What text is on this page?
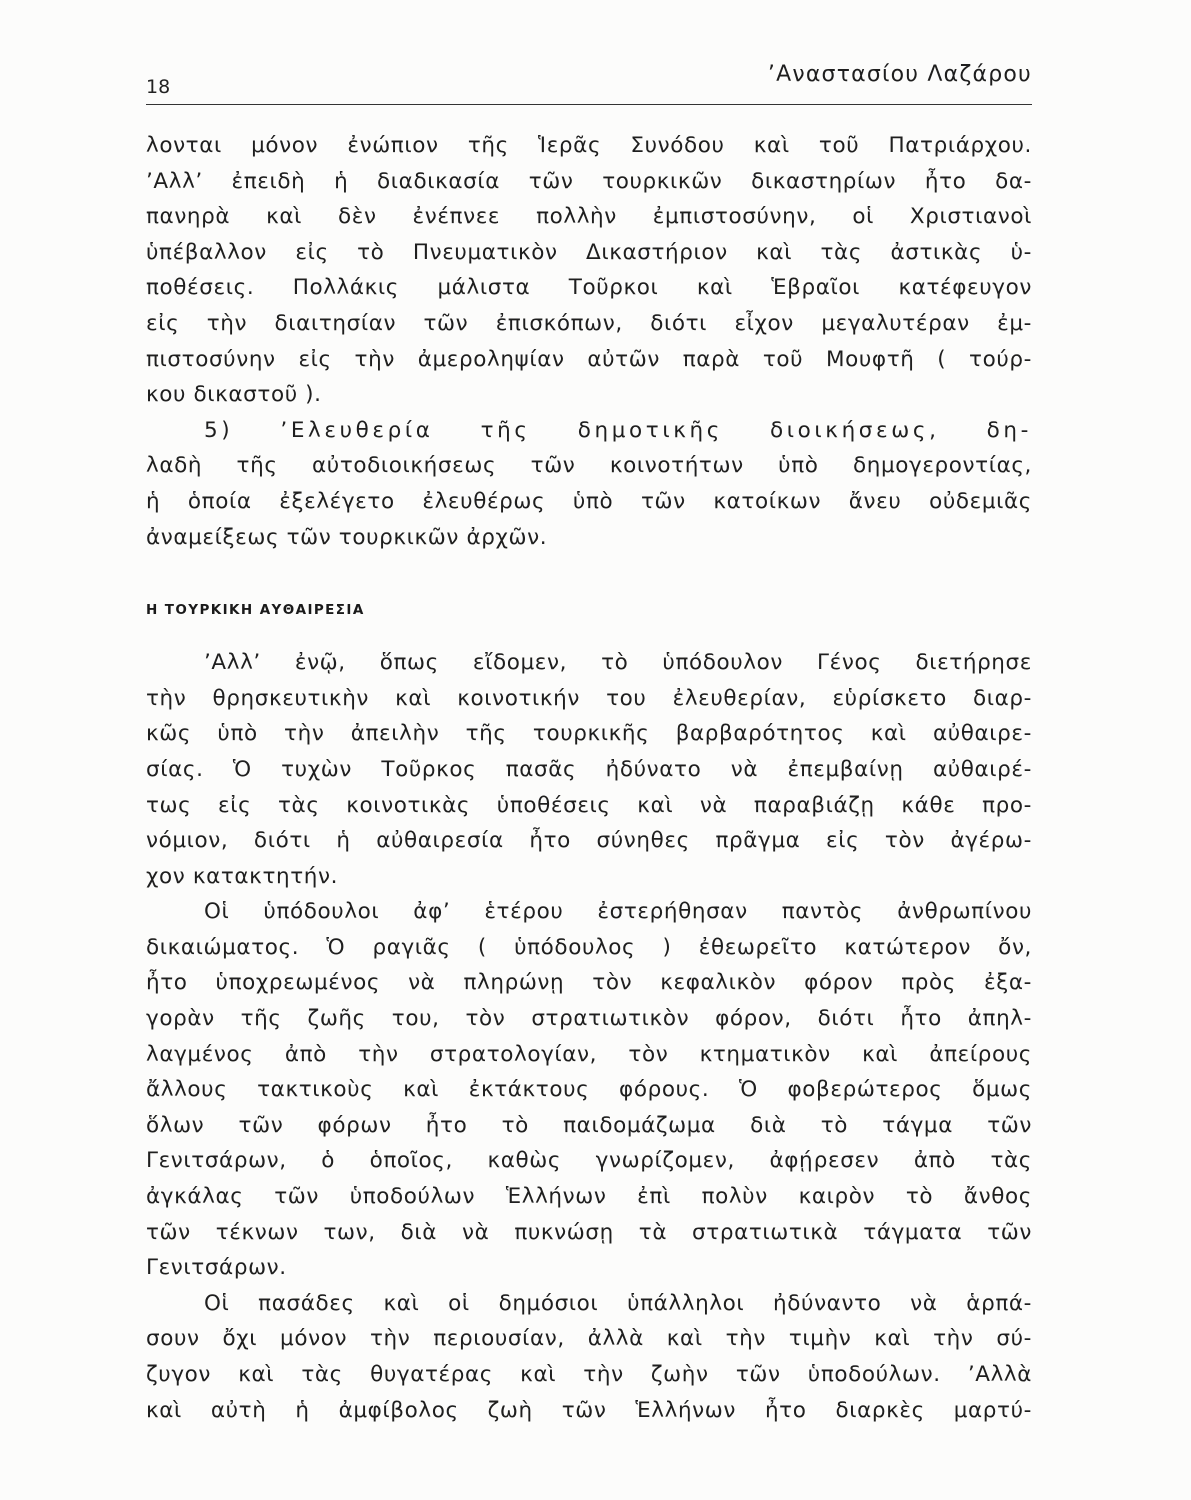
18	’Αναστασίου Λαζάρου
λονται μόνον ἐνώπιον τῆς Ἱερᾶς Συνόδου καὶ τοῦ Πατριάρχου.
’Αλλ’ ἐπειδὴ ἡ διαδικασία τῶν τουρκικῶν δικαστηρίων ἦτο δα-
πανηρὰ καὶ δὲν ἐνέπνεε πολλὴν ἐμπιστοσύνην, οἱ Χριστιανοὶ
ὑπέβαλλον εἰς τὸ Πνευματικὸν Δικαστήριον καὶ τὰς ἀστικὰς ὑ-
ποθέσεις. Πολλάκις μάλιστα Τοῦρκοι καὶ Ἑβραῖοι κατέφευγον
εἰς τὴν διαιτησίαν τῶν ἐπισκόπων, διότι εἶχον μεγαλυτέραν ἐμ-
πιστοσύνην εἰς τὴν ἀμεροληψίαν αὐτῶν παρὰ τοῦ Μουφτῆ ( τούρ-
κου δικαστοῦ ).
5) ’Ελευθερία τῆς δημοτικῆς διοικήσεως, δη-
λαδὴ τῆς αὐτοδιοικήσεως τῶν κοινοτήτων ὑπὸ δημογεροντίας,
ἡ ὁποία ἐξελέγετο ἐλευθέρως ὑπὸ τῶν κατοίκων ἄνευ οὐδεμιᾶς
ἀναμείξεως τῶν τουρκικῶν ἀρχῶν.
Η ΤΟΥΡΚΙΚΗ ΑΥΘΑΙΡΕΣΙΑ
’Αλλ’ ἐνῷ, ὅπως εἴδομεν, τὸ ὑπόδουλον Γένος διετήρησε
τὴν θρησκευτικὴν καὶ κοινοτικήν του ἐλευθερίαν, εὑρίσκετο διαρ-
κῶς ὑπὸ τὴν ἀπειλὴν τῆς τουρκικῆς βαρβαρότητος καὶ αὐθαιρε-
σίας. Ὁ τυχὼν Τοῦρκος πασᾶς ἠδύνατο νὰ ἐπεμβαίνῃ αὐθαιρέ-
τως εἰς τὰς κοινοτικὰς ὑποθέσεις καὶ νὰ παραβιάζῃ κάθε προ-
νόμιον, διότι ἡ αὐθαιρεσία ἦτο σύνηθες πρᾶγμα εἰς τὸν ἀγέρω-
χον κατακτητήν.
Οἱ ὑπόδουλοι ἀφ’ ἑτέρου ἐστερήθησαν παντὸς ἀνθρωπίνου
δικαιώματος. Ὁ ραγιᾶς ( ὑπόδουλος ) ἐθεωρεῖτο κατώτερον ὄν,
ἦτο ὑποχρεωμένος νὰ πληρώνῃ τὸν κεφαλικὸν φόρον πρὸς ἐξα-
γορὰν τῆς ζωῆς του, τὸν στρατιωτικὸν φόρον, διότι ἦτο ἀπηλ-
λαγμένος ἀπὸ τὴν στρατολογίαν, τὸν κτηματικὸν καὶ ἀπείρους
ἄλλους τακτικοὺς καὶ ἐκτάκτους φόρους. Ὁ φοβερώτερος ὅμως
ὅλων τῶν φόρων ἦτο τὸ παιδομάζωμα διὰ τὸ τάγμα τῶν
Γενιτσάρων, ὁ ὁποῖος, καθὼς γνωρίζομεν, ἀφῄρεσεν ἀπὸ τὰς
ἀγκάλας τῶν ὑποδούλων Ἑλλήνων ἐπὶ πολὺν καιρὸν τὸ ἄνθος
τῶν τέκνων των, διὰ νὰ πυκνώσῃ τὰ στρατιωτικὰ τάγματα τῶν
Γενιτσάρων.
Οἱ πασάδες καὶ οἱ δημόσιοι ὑπάλληλοι ἠδύναντο νὰ ἁρπά-
σουν ὄχι μόνον τὴν περιουσίαν, ἀλλὰ καὶ τὴν τιμὴν καὶ τὴν σύ-
ζυγον καὶ τὰς θυγατέρας καὶ τὴν ζωὴν τῶν ὑποδούλων. ’Αλλὰ
καὶ αὐτὴ ἡ ἀμφίβολος ζωὴ τῶν Ἑλλήνων ἦτο διαρκὲς μαρτύ-
